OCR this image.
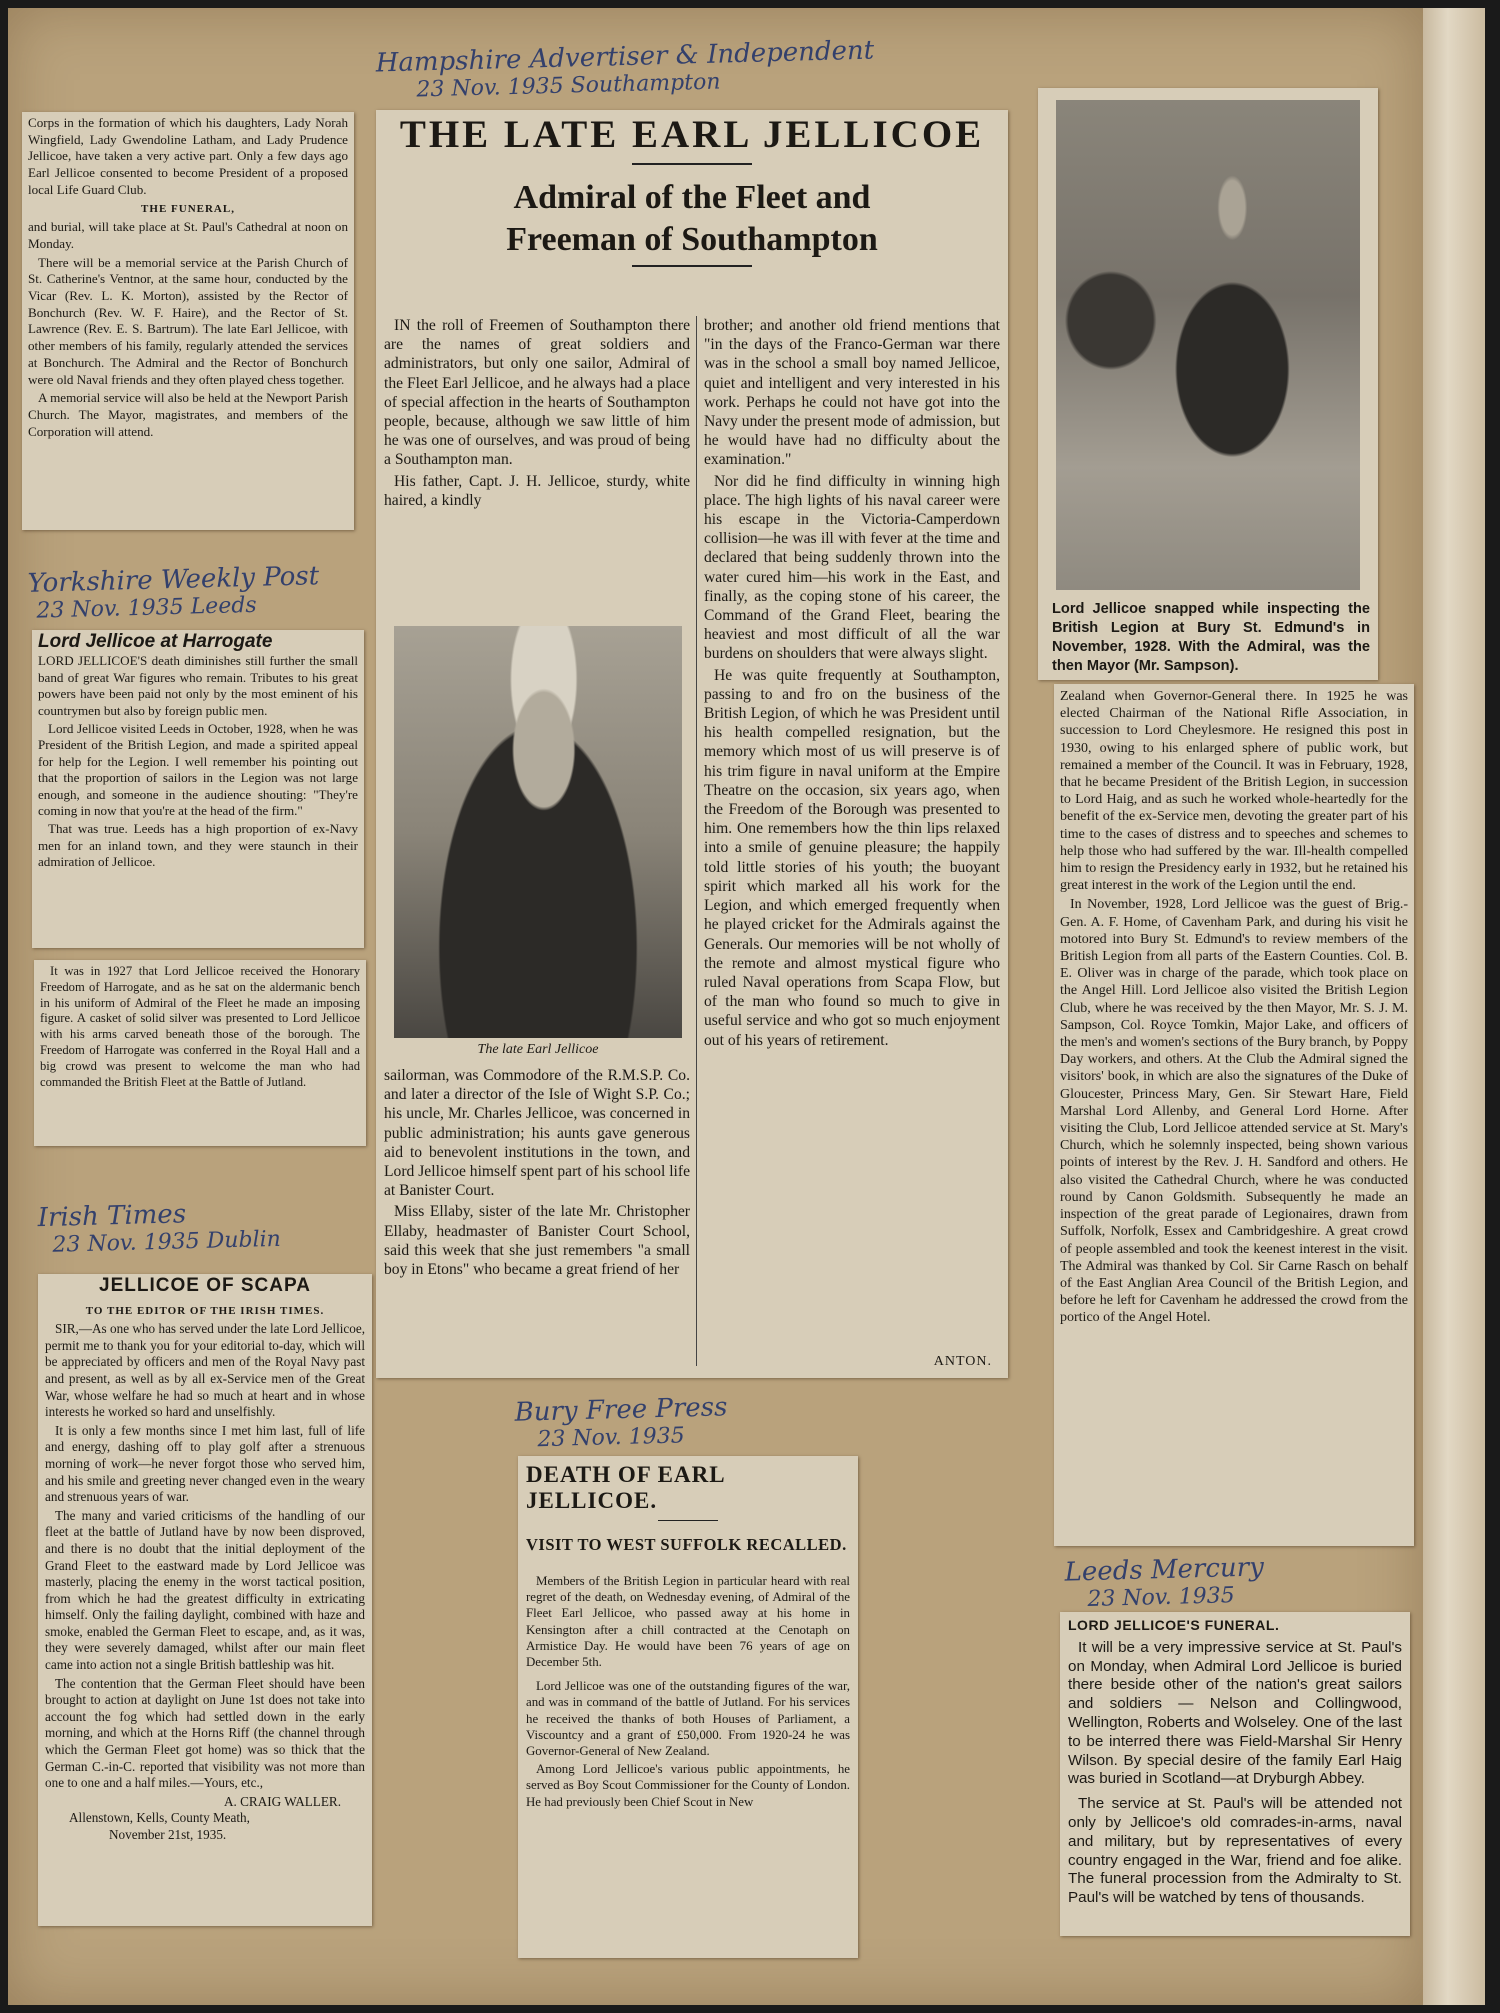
Hampshire Advertiser & Independent
23 Nov. 1935 Southampton
Yorkshire Weekly Post
23 Nov. 1935 Leeds
Irish Times
23 Nov. 1935 Dublin
Bury Free Press
23 Nov. 1935
Leeds Mercury
23 Nov. 1935

Corps in the formation of which his daughters, Lady Norah Wingfield, Lady Gwendoline Latham, and Lady Prudence Jellicoe, have taken a very active part. Only a few days ago Earl Jellicoe consented to become President of a proposed local Life Guard Club.

THE FUNERAL,

and burial, will take place at St. Paul's Cathedral at noon on Monday.

There will be a memorial service at the Parish Church of St. Catherine's Ventnor, at the same hour, conducted by the Vicar (Rev. L. K. Morton), assisted by the Rector of Bonchurch (Rev. W. F. Haire), and the Rector of St. Lawrence (Rev. E. S. Bartrum). The late Earl Jellicoe, with other members of his family, regularly attended the services at Bonchurch. The Admiral and the Rector of Bonchurch were old Naval friends and they often played chess together.

A memorial service will also be held at the Newport Parish Church. The Mayor, magistrates, and members of the Corporation will attend.

Lord Jellicoe at Harrogate

LORD JELLICOE'S death diminishes still further the small band of great War figures who remain. Tributes to his great powers have been paid not only by the most eminent of his countrymen but also by foreign public men.

Lord Jellicoe visited Leeds in October, 1928, when he was President of the British Legion, and made a spirited appeal for help for the Legion. I well remember his pointing out that the proportion of sailors in the Legion was not large enough, and someone in the audience shouting: "They're coming in now that you're at the head of the firm."

That was true. Leeds has a high proportion of ex-Navy men for an inland town, and they were staunch in their admiration of Jellicoe.

It was in 1927 that Lord Jellicoe received the Honorary Freedom of Harrogate, and as he sat on the aldermanic bench in his uniform of Admiral of the Fleet he made an imposing figure. A casket of solid silver was presented to Lord Jellicoe with his arms carved beneath those of the borough. The Freedom of Harrogate was conferred in the Royal Hall and a big crowd was present to welcome the man who had commanded the British Fleet at the Battle of Jutland.

JELLICOE OF SCAPA
TO THE EDITOR OF THE IRISH TIMES.

SIR,—As one who has served under the late Lord Jellicoe, permit me to thank you for your editorial to-day, which will be appreciated by officers and men of the Royal Navy past and present, as well as by all ex-Service men of the Great War, whose welfare he had so much at heart and in whose interests he worked so hard and unselfishly.

It is only a few months since I met him last, full of life and energy, dashing off to play golf after a strenuous morning of work—he never forgot those who served him, and his smile and greeting never changed even in the weary and strenuous years of war.

The many and varied criticisms of the handling of our fleet at the battle of Jutland have by now been disproved, and there is no doubt that the initial deployment of the Grand Fleet to the eastward made by Lord Jellicoe was masterly, placing the enemy in the worst tactical position, from which he had the greatest difficulty in extricating himself. Only the failing daylight, combined with haze and smoke, enabled the German Fleet to escape, and, as it was, they were severely damaged, whilst after our main fleet came into action not a single British battleship was hit.

The contention that the German Fleet should have been brought to action at daylight on June 1st does not take into account the fog which had settled down in the early morning, and which at the Horns Riff (the channel through which the German Fleet got home) was so thick that the German C.-in-C. reported that visibility was not more than one to one and a half miles.—Yours, etc.,

A. CRAIG WALLER.
Allenstown, Kells, County Meath,
November 21st, 1935.
THE LATE EARL JELLICOE
Admiral of the Fleet and
Freeman of Southampton

IN the roll of Freemen of Southampton there are the names of great soldiers and administrators, but only one sailor, Admiral of the Fleet Earl Jellicoe, and he always had a place of special affection in the hearts of Southampton people, because, although we saw little of him he was one of ourselves, and was proud of being a Southampton man.

His father, Capt. J. H. Jellicoe, sturdy, white haired, a kindly

The late Earl Jellicoe

sailorman, was Commodore of the R.M.S.P. Co. and later a director of the Isle of Wight S.P. Co.; his uncle, Mr. Charles Jellicoe, was concerned in public administration; his aunts gave generous aid to benevolent institutions in the town, and Lord Jellicoe himself spent part of his school life at Banister Court.

Miss Ellaby, sister of the late Mr. Christopher Ellaby, headmaster of Banister Court School, said this week that she just remembers "a small boy in Etons" who became a great friend of her

brother; and another old friend mentions that "in the days of the Franco-German war there was in the school a small boy named Jellicoe, quiet and intelligent and very interested in his work. Perhaps he could not have got into the Navy under the present mode of admission, but he would have had no difficulty about the examination."

Nor did he find difficulty in winning high place. The high lights of his naval career were his escape in the Victoria-Camperdown collision—he was ill with fever at the time and declared that being suddenly thrown into the water cured him—his work in the East, and finally, as the coping stone of his career, the Command of the Grand Fleet, bearing the heaviest and most difficult of all the war burdens on shoulders that were always slight.

He was quite frequently at Southampton, passing to and fro on the business of the British Legion, of which he was President until his health compelled resignation, but the memory which most of us will preserve is of his trim figure in naval uniform at the Empire Theatre on the occasion, six years ago, when the Freedom of the Borough was presented to him. One remembers how the thin lips relaxed into a smile of genuine pleasure; the happily told little stories of his youth; the buoyant spirit which marked all his work for the Legion, and which emerged frequently when he played cricket for the Admirals against the Generals. Our memories will be not wholly of the remote and almost mystical figure who ruled Naval operations from Scapa Flow, but of the man who found so much to give in useful service and who got so much enjoyment out of his years of retirement.

ANTON.
Lord Jellicoe snapped while inspecting the British Legion at Bury St. Edmund's in November, 1928. With the Admiral, was the then Mayor (Mr. Sampson).

Zealand when Governor-General there. In 1925 he was elected Chairman of the National Rifle Association, in succession to Lord Cheylesmore. He resigned this post in 1930, owing to his enlarged sphere of public work, but remained a member of the Council. It was in February, 1928, that he became President of the British Legion, in succession to Lord Haig, and as such he worked whole-heartedly for the benefit of the ex-Service men, devoting the greater part of his time to the cases of distress and to speeches and schemes to help those who had suffered by the war. Ill-health compelled him to resign the Presidency early in 1932, but he retained his great interest in the work of the Legion until the end.

In November, 1928, Lord Jellicoe was the guest of Brig.-Gen. A. F. Home, of Cavenham Park, and during his visit he motored into Bury St. Edmund's to review members of the British Legion from all parts of the Eastern Counties. Col. B. E. Oliver was in charge of the parade, which took place on the Angel Hill. Lord Jellicoe also visited the British Legion Club, where he was received by the then Mayor, Mr. S. J. M. Sampson, Col. Royce Tomkin, Major Lake, and officers of the men's and women's sections of the Bury branch, by Poppy Day workers, and others. At the Club the Admiral signed the visitors' book, in which are also the signatures of the Duke of Gloucester, Princess Mary, Gen. Sir Stewart Hare, Field Marshal Lord Allenby, and General Lord Horne. After visiting the Club, Lord Jellicoe attended service at St. Mary's Church, which he solemnly inspected, being shown various points of interest by the Rev. J. H. Sandford and others. He also visited the Cathedral Church, where he was conducted round by Canon Goldsmith. Subsequently he made an inspection of the great parade of Legionaires, drawn from Suffolk, Norfolk, Essex and Cambridgeshire. A great crowd of people assembled and took the keenest interest in the visit. The Admiral was thanked by Col. Sir Carne Rasch on behalf of the East Anglian Area Council of the British Legion, and before he left for Cavenham he addressed the crowd from the portico of the Angel Hotel.

DEATH OF EARL JELLICOE.
VISIT TO WEST SUFFOLK RECALLED.

Members of the British Legion in particular heard with real regret of the death, on Wednesday evening, of Admiral of the Fleet Earl Jellicoe, who passed away at his home in Kensington after a chill contracted at the Cenotaph on Armistice Day. He would have been 76 years of age on December 5th.

Lord Jellicoe was one of the outstanding figures of the war, and was in command of the battle of Jutland. For his services he received the thanks of both Houses of Parliament, a Viscountcy and a grant of £50,000. From 1920-24 he was Governor-General of New Zealand.

Among Lord Jellicoe's various public appointments, he served as Boy Scout Commissioner for the County of London. He had previously been Chief Scout in New

LORD JELLICOE'S FUNERAL.

It will be a very impressive service at St. Paul's on Monday, when Admiral Lord Jellicoe is buried there beside other of the nation's great sailors and soldiers — Nelson and Collingwood, Wellington, Roberts and Wolseley. One of the last to be interred there was Field-Marshal Sir Henry Wilson. By special desire of the family Earl Haig was buried in Scotland—at Dryburgh Abbey.

The service at St. Paul's will be attended not only by Jellicoe's old comrades-in-arms, naval and military, but by representatives of every country engaged in the War, friend and foe alike. The funeral procession from the Admiralty to St. Paul's will be watched by tens of thousands.
